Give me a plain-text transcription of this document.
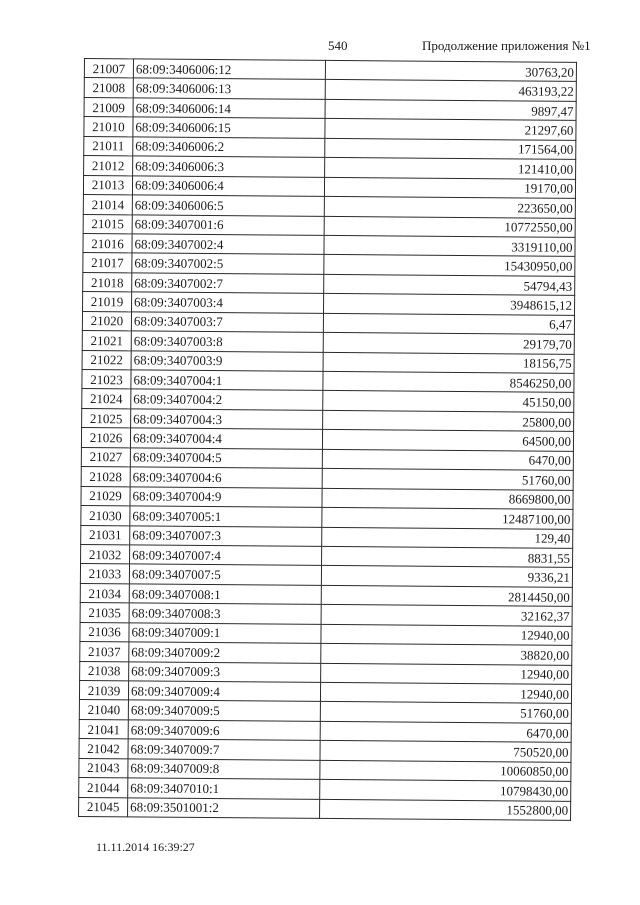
540	Продолжение приложения №1
21007	68:09:3406006:12	30763,20
21008	68:09:3406006:13	463193,22
21009	68:09:3406006:14	9897,47
21010	68:09:3406006:15	21297,60
21011	68:09:3406006:2	171564,00
21012	68:09:3406006:3	121410,00
21013	68:09:3406006:4	19170,00
21014	68:09:3406006:5	223650,00
21015	68:09:3407001:6	10772550,00
21016	68:09:3407002:4	3319110,00
21017	68:09:3407002:5	15430950,00
21018	68:09:3407002:7	54794,43
21019	68:09:3407003:4	3948615,12
21020	68:09:3407003:7	6,47
21021	68:09:3407003:8	29179,70
21022	68:09:3407003:9	18156,75
21023	68:09:3407004:1	8546250,00
21024	68:09:3407004:2	45150,00
21025	68:09:3407004:3	25800,00
21026	68:09:3407004:4	64500,00
21027	68:09:3407004:5	6470,00
21028	68:09:3407004:6	51760,00
21029	68:09:3407004:9	8669800,00
21030	68:09:3407005:1	12487100,00
21031	68:09:3407007:3	129,40
21032	68:09:3407007:4	8831,55
21033	68:09:3407007:5	9336,21
21034	68:09:3407008:1	2814450,00
21035	68:09:3407008:3	32162,37
21036	68:09:3407009:1	12940,00
21037	68:09:3407009:2	38820,00
21038	68:09:3407009:3	12940,00
21039	68:09:3407009:4	12940,00
21040	68:09:3407009:5	51760,00
21041	68:09:3407009:6	6470,00
21042	68:09:3407009:7	750520,00
21043	68:09:3407009:8	10060850,00
21044	68:09:3407010:1	10798430,00
21045	68:09:3501001:2	1552800,00
11.11.2014 16:39:27
